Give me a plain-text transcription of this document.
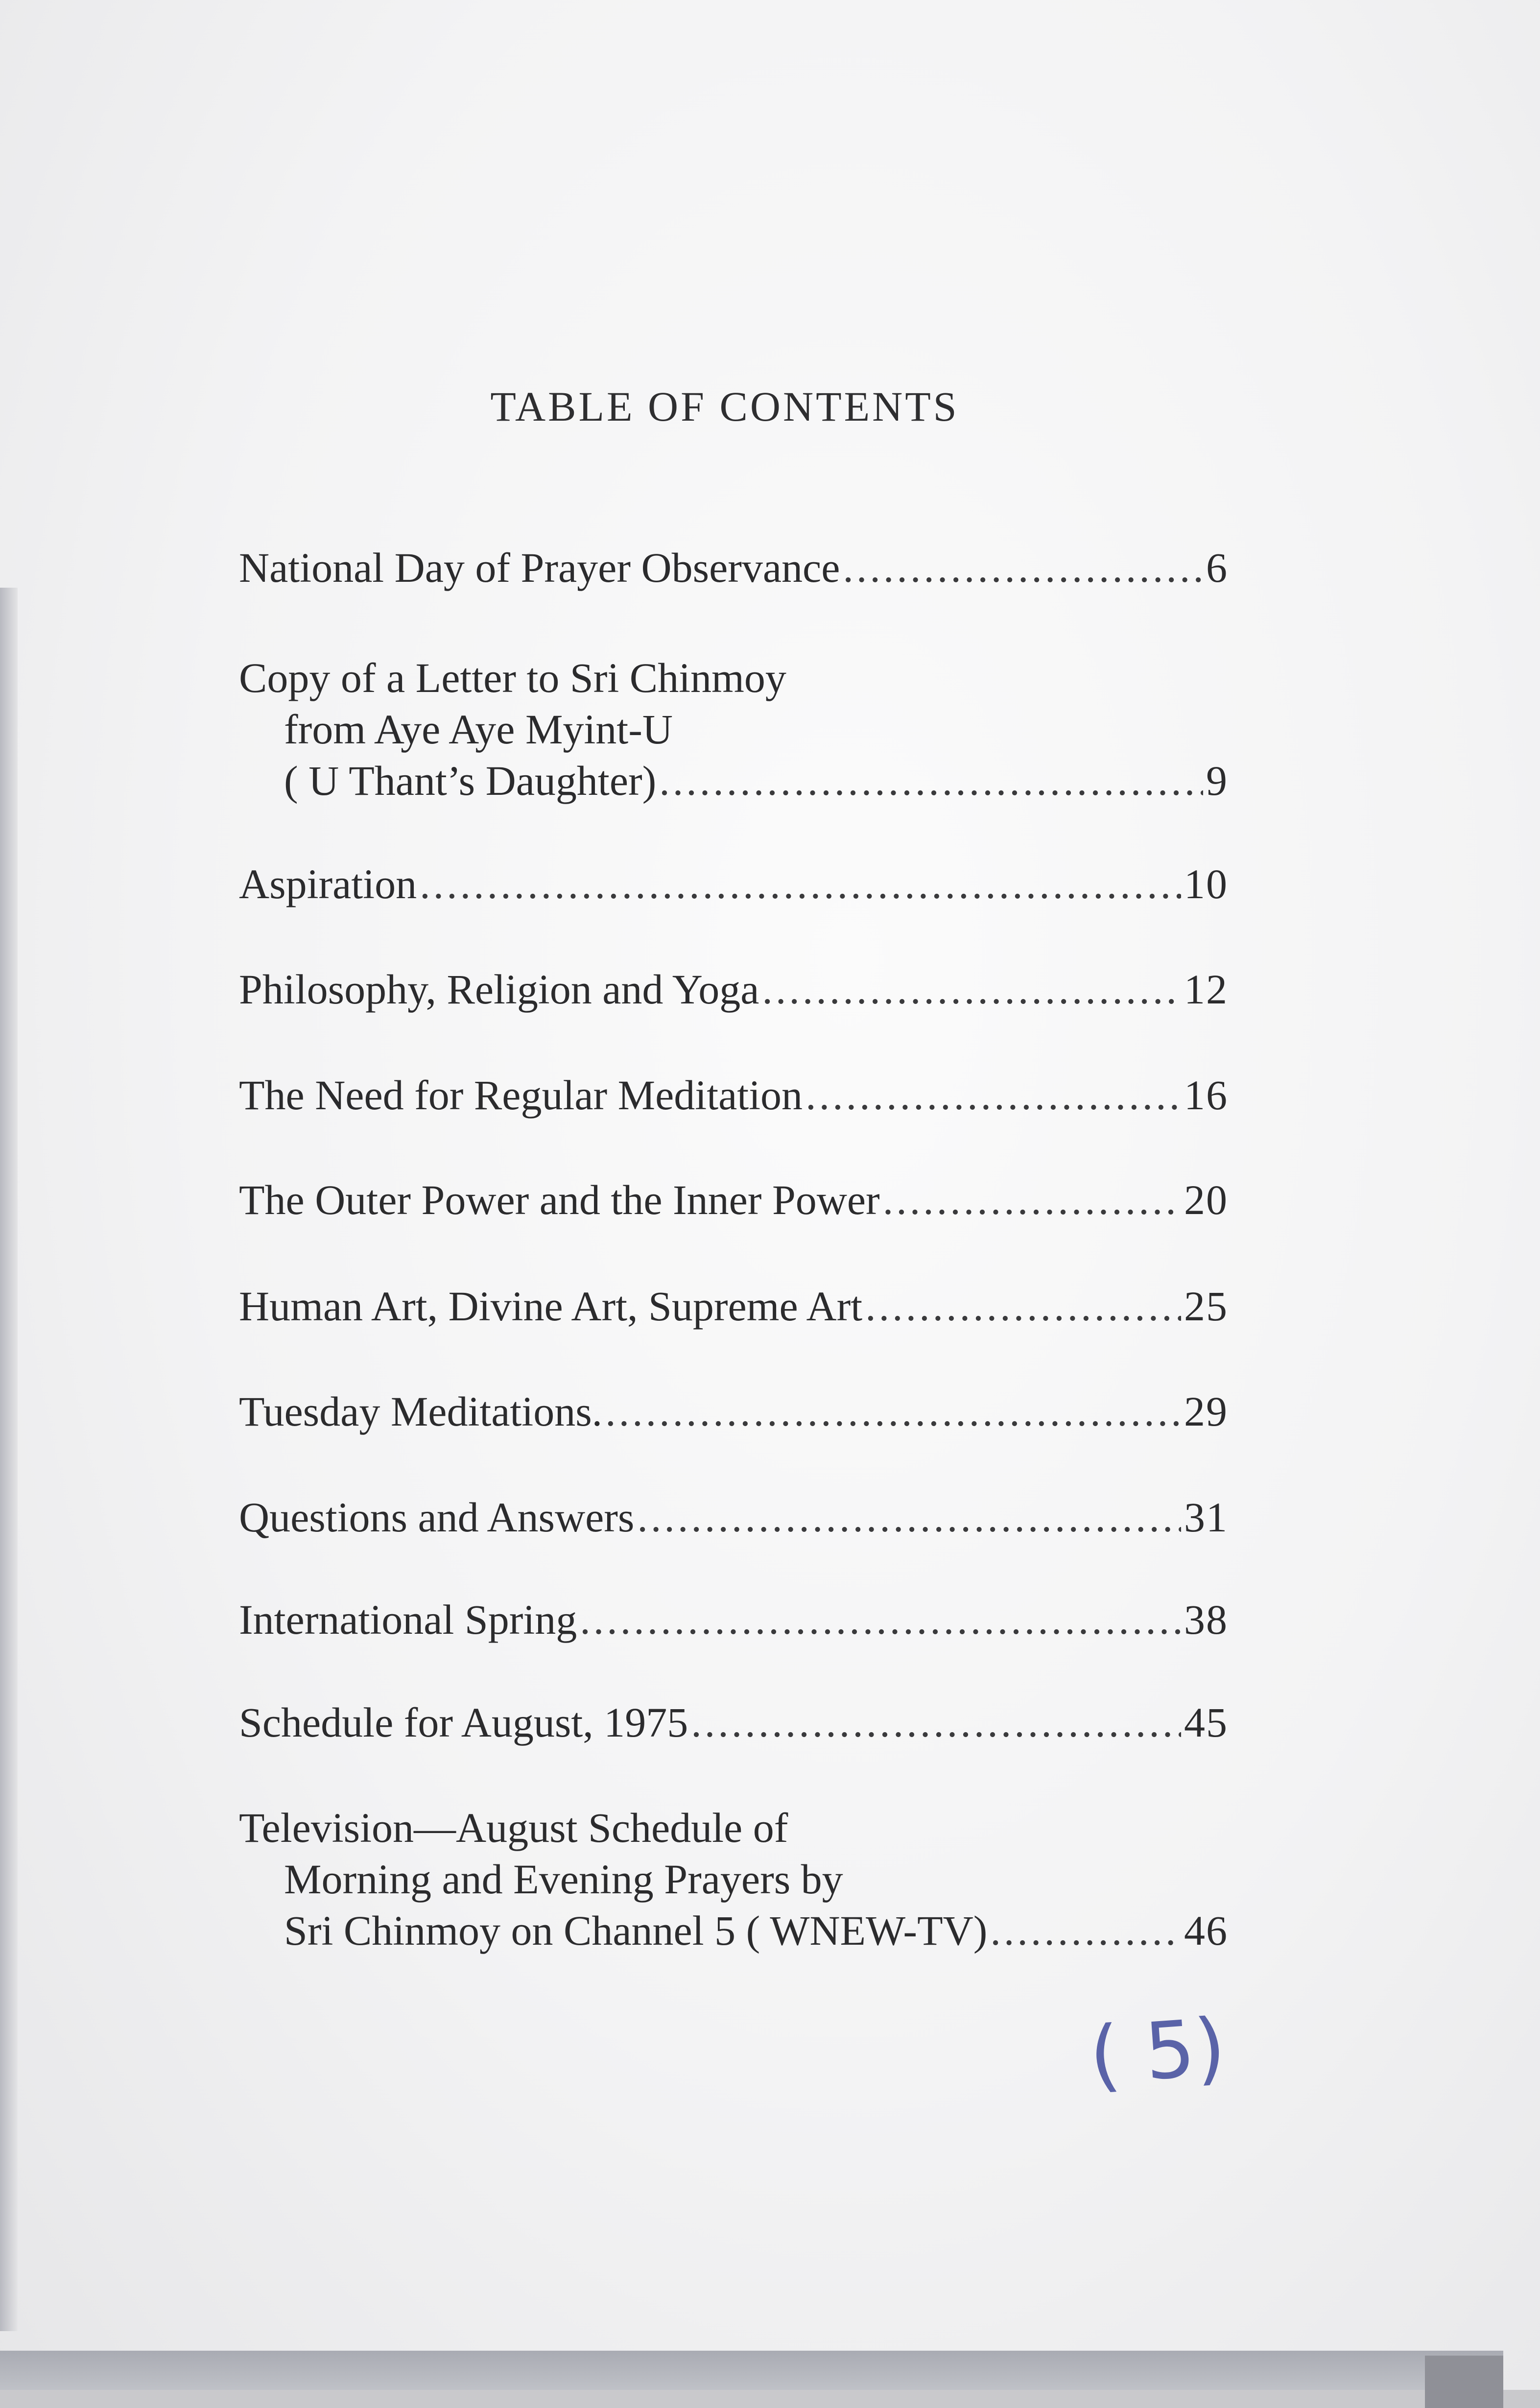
TABLE OF CONTENTS
National Day of Prayer Observance .....	6
Copy of a Letter to Sri Chinmoy
from Aye Aye Myint-U
( U Thant’s Daughter) .....	9
Aspiration .....	10
Philosophy, Religion and Yoga .....	12
The Need for Regular Meditation .....	16
The Outer Power and the Inner Power .....	20
Human Art, Divine Art, Supreme Art .....	25
Tuesday Meditations. .....	29
Questions and Answers .....	31
International Spring .....	38
Schedule for August, 1975 .....	45
Television—August Schedule of
Morning and Evening Prayers by
Sri Chinmoy on Channel 5 ( WNEW-TV) .....	46
( 5)
